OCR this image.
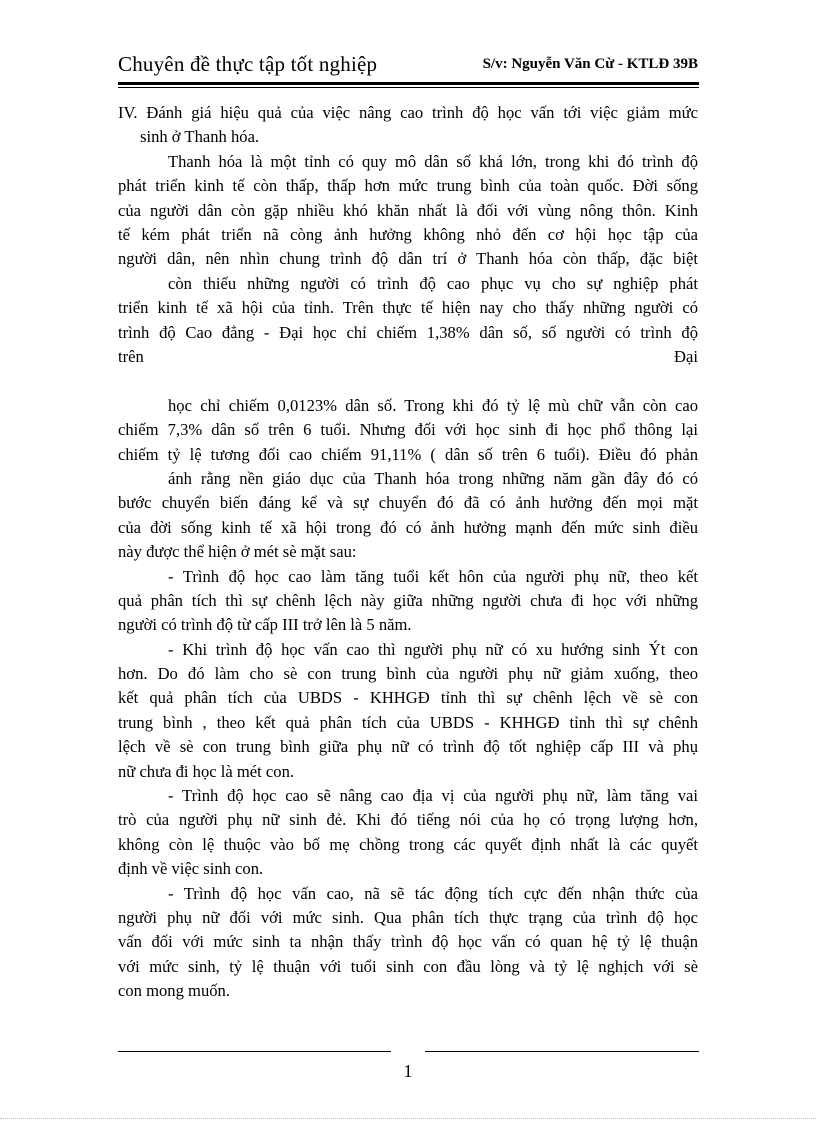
Chuyên đề thực tập tốt nghiệp	S/v: Nguyễn Văn Cừ - KTLĐ 39B
IV. Đánh giá hiệu quả của việc nâng cao trình độ học vấn tới việc giảm mức
sinh ở Thanh hóa.
Thanh hóa là một tỉnh có quy mô dân số khá lớn, trong khi đó trình độ
phát triển kinh tế còn thấp, thấp hơn mức trung bình của toàn quốc. Đời sống
của người dân còn gặp nhiều khó khăn nhất là đối với vùng nông thôn. Kinh
tế kém phát triển nã còng ảnh hưởng không nhỏ đến cơ hội học tập của
người dân, nên nhìn chung trình độ dân trí ở Thanh hóa còn thấp, đặc biệt
còn thiếu những người có trình độ cao phục vụ cho sự nghiệp phát
triển kinh tế xã hội của tỉnh. Trên thực tế hiện nay cho thấy những người có
trình độ Cao đẳng - Đại học chỉ chiếm 1,38% dân số, số người có trình độ
trên Đại
học chỉ chiếm 0,0123% dân số. Trong khi đó tỷ lệ mù chữ vẫn còn cao
chiếm 7,3% dân số trên 6 tuổi. Nhưng đối với học sinh đi học phổ thông lại
chiếm tỷ lệ tương đối cao chiếm 91,11% ( dân số trên 6 tuổi). Điều đó phản
ánh rằng nền giáo dục của Thanh hóa trong những năm gần đây đó có
bước chuyển biến đáng kể và sự chuyển đó đã có ảnh hưởng đến mọi mặt
của đời sống kinh tế xã hội trong đó có ảnh hưởng mạnh đến mức sinh điều
này được thể hiện ở mét sè mặt sau:
- Trình độ học cao làm tăng tuổi kết hôn của người phụ nữ, theo kết
quả phân tích thì sự chênh lệch này giữa những người chưa đi học với những
người có trình độ từ cấp III trở lên là 5 năm.
- Khi trình độ học vấn cao thì người phụ nữ có xu hướng sinh Ýt con
hơn. Do đó làm cho sè con trung bình của người phụ nữ giảm xuống, theo
kết quả phân tích của UBDS - KHHGĐ tỉnh thì sự chênh lệch về sè con
trung bình , theo kết quả phân tích của UBDS - KHHGĐ tỉnh thì sự chênh
lệch về sè con trung bình giữa phụ nữ có trình độ tốt nghiệp cấp III và phụ
nữ chưa đi học là mét con.
- Trình độ học cao sẽ nâng cao địa vị của người phụ nữ, làm tăng vai
trò của người phụ nữ sinh đẻ. Khi đó tiếng nói của họ có trọng lượng hơn,
không còn lệ thuộc vào bố mẹ chồng trong các quyết định nhất là các quyết
định về việc sinh con.
- Trình độ học vấn cao, nã sẽ tác động tích cực đến nhận thức của
người phụ nữ đối với mức sinh. Qua phân tích thực trạng của trình độ học
vấn đối với mức sinh ta nhận thấy trình độ học vấn có quan hệ tỷ lệ thuận
với mức sinh, tỷ lệ thuận với tuổi sinh con đầu lòng và tỷ lệ nghịch với sè
con mong muốn.
1
